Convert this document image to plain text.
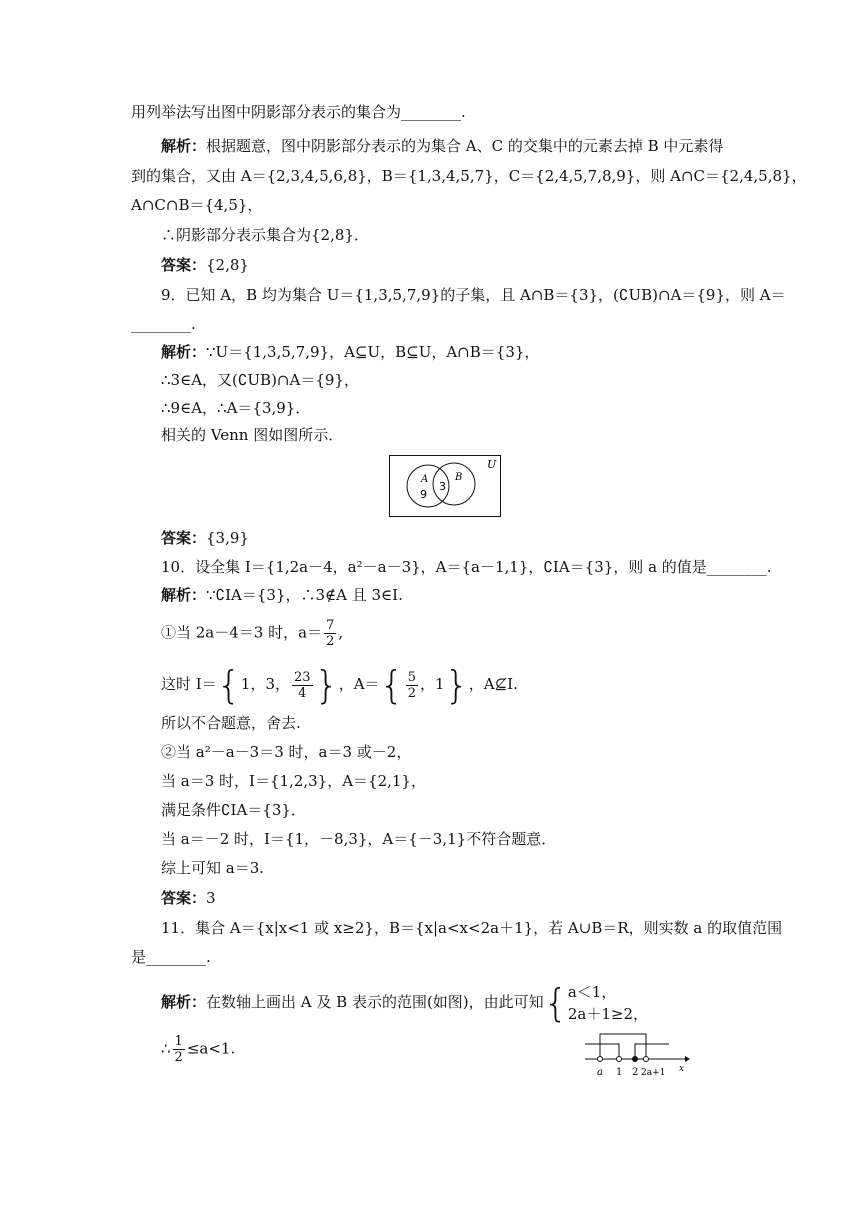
用列举法写出图中阴影部分表示的集合为________.
解析：根据题意，图中阴影部分表示的为集合 A、C 的交集中的元素去掉 B 中元素得
到的集合，又由 A＝{2,3,4,5,6,8}，B＝{1,3,4,5,7}，C＝{2,4,5,7,8,9}，则 A∩C＝{2,4,5,8}，
A∩C∩B＝{4,5}，
∴阴影部分表示集合为{2,8}．
答案：{2,8}
9．已知 A，B 均为集合 U＝{1,3,5,7,9}的子集，且 A∩B＝{3}，(∁UB)∩A＝{9}，则 A＝
________.
解析：∵U＝{1,3,5,7,9}，A⊆U，B⊆U，A∩B＝{3}，
∴3∈A，又(∁UB)∩A＝{9}，
∴9∈A，∴A＝{3,9}．
相关的 Venn 图如图所示．
U
A	B
9
3
答案：{3,9}
10．设全集 I＝{1,2a－4，a²－a－3}，A＝{a－1,1}，∁IA＝{3}，则 a 的值是________.
解析：∵∁IA＝{3}，∴3∉A 且 3∈I.
①当 2a－4＝3 时，$a= \frac{7}{2}$ ,
这时 I＝{1，3， $\frac{23}{4}$ }，$A=\{ \frac{5}{2}$ ，1}，A⊈I.
所以不合题意，舍去.
②当 a²－a－3＝3 时，a＝3 或－2，
当 a＝3 时，I＝{1,2,3}，A＝{2,1}，
满足条件∁IA＝{3}．
当 a＝－2 时，I＝{1，－8,3}，A＝{－3,1}不符合题意．
综上可知 a＝3.
答案：3
11．集合 A＝{x|x<1 或 x≥2}，B＝{x|a<x<2a＋1}，若 A∪B＝R，则实数 a 的取值范围
是________.
解析：在数轴上画出 A 及 B 表示的范围(如图)，由此可知{ a＜1，
2a＋1≥2，
∴ $\frac{1}{2} \le a<1$.
a 1 2 2a+1 x
